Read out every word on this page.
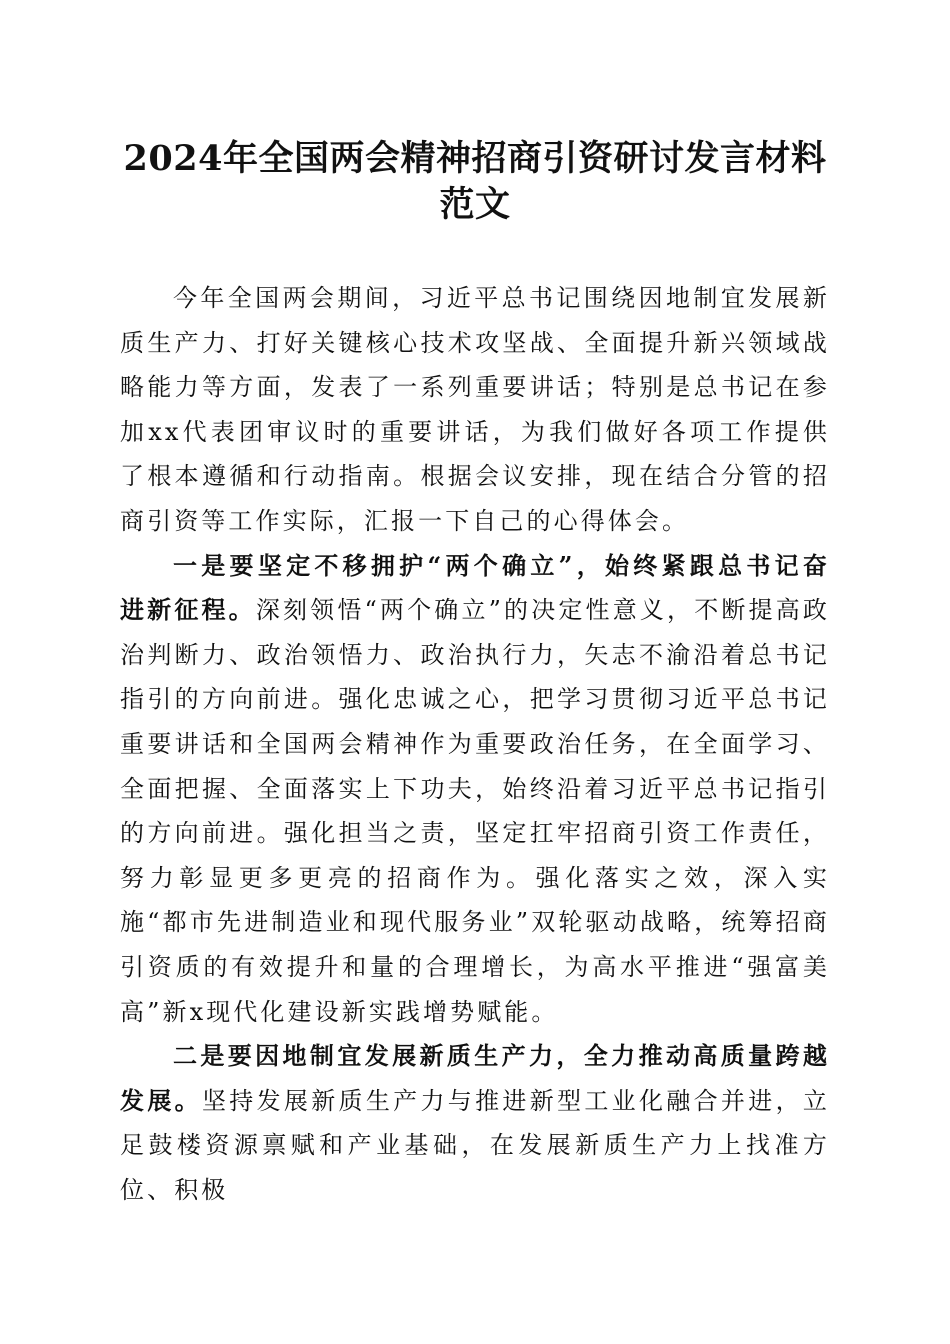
2024年全国两会精神招商引资研讨发言材料
范文

今年全国两会期间，习近平总书记围绕因地制宜发展新质生产力、打好关键核心技术攻坚战、全面提升新兴领域战略能力等方面，发表了一系列重要讲话；特别是总书记在参加xx代表团审议时的重要讲话，为我们做好各项工作提供了根本遵循和行动指南。根据会议安排，现在结合分管的招商引资等工作实际，汇报一下自己的心得体会。

一是要坚定不移拥护“两个确立”，始终紧跟总书记奋进新征程。深刻领悟“两个确立”的决定性意义，不断提高政治判断力、政治领悟力、政治执行力，矢志不渝沿着总书记指引的方向前进。强化忠诚之心，把学习贯彻习近平总书记重要讲话和全国两会精神作为重要政治任务，在全面学习、全面把握、全面落实上下功夫，始终沿着习近平总书记指引的方向前进。强化担当之责，坚定扛牢招商引资工作责任，努力彰显更多更亮的招商作为。强化落实之效，深入实施“都市先进制造业和现代服务业”双轮驱动战略，统筹招商引资质的有效提升和量的合理增长，为高水平推进“强富美高”新x现代化建设新实践增势赋能。

二是要因地制宜发展新质生产力，全力推动高质量跨越发展。坚持发展新质生产力与推进新型工业化融合并进，立足鼓楼资源禀赋和产业基础，在发展新质生产力上找准方位、积极
